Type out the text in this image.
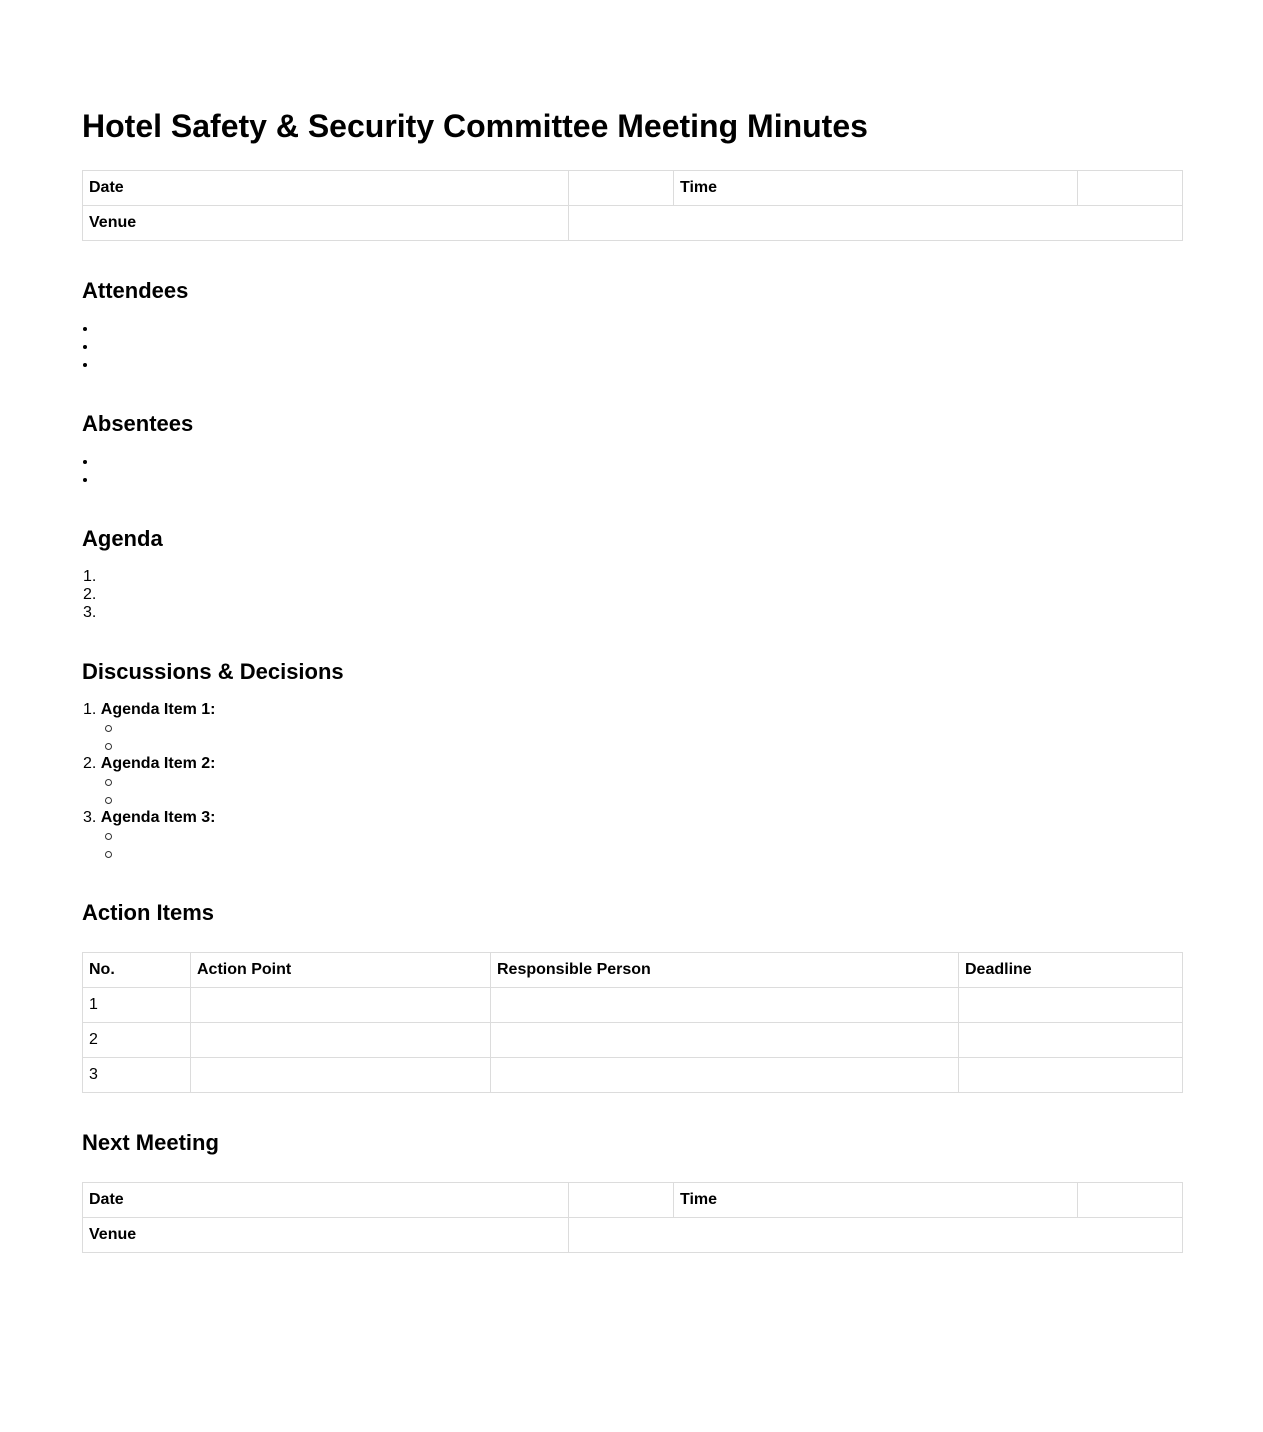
Hotel Safety & Security Committee Meeting Minutes
Date		Time	
Venue			
Attendees
•
•
•
Absentees
•
•
Agenda
1.
2.
3.
Discussions & Decisions
1. Agenda Item 1:
2. Agenda Item 2:
3. Agenda Item 3:
Action Items
No.	Action Point	Responsible Person	Deadline
1			
2			
3			
Next Meeting
Date		Time	
Venue			
